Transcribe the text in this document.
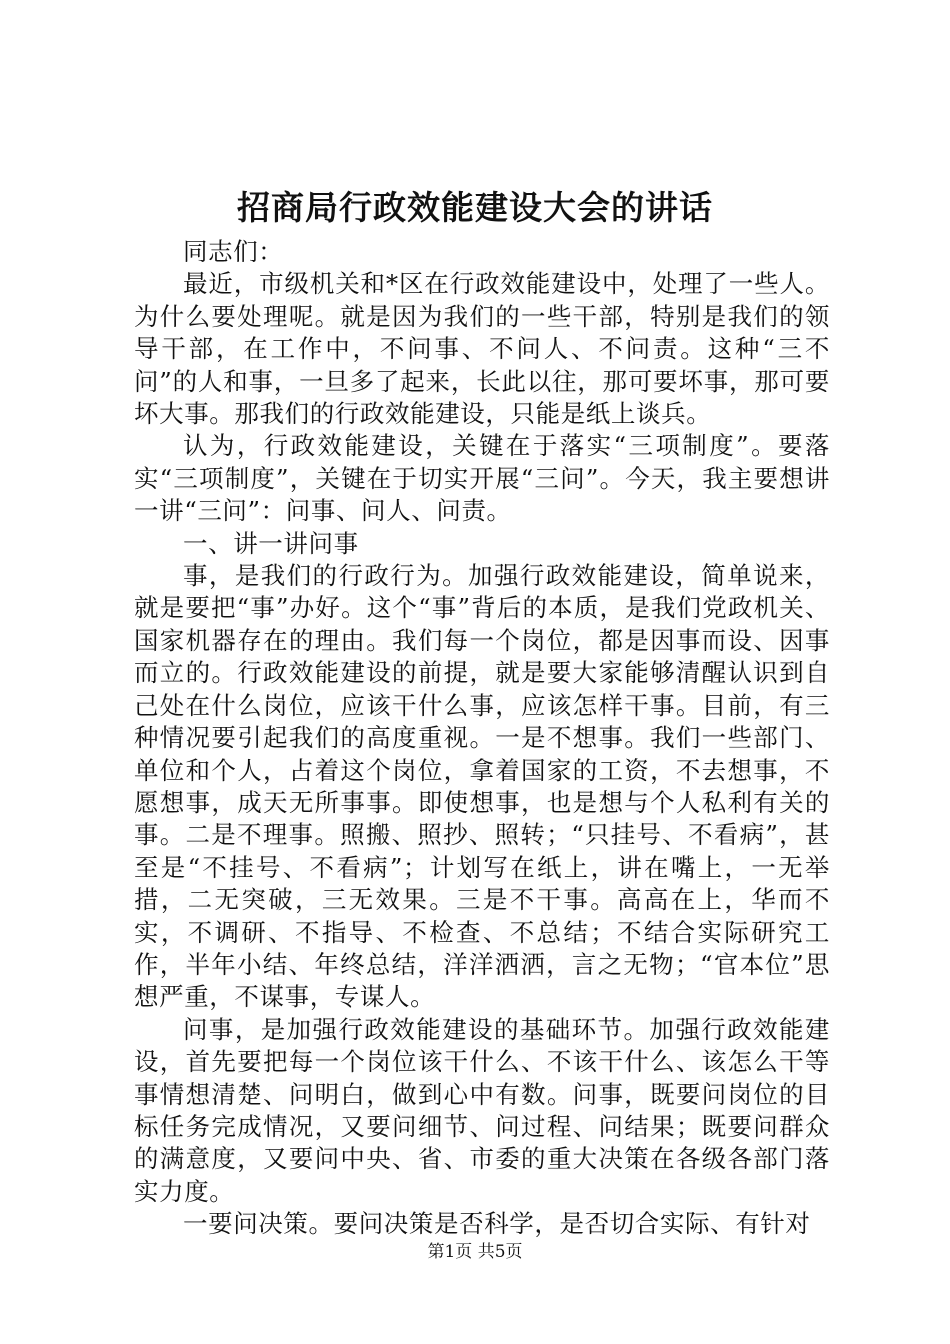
招商局行政效能建设大会的讲话

同志们：

最近，市级机关和*区在行政效能建设中，处理了一些人。为什么要处理呢。就是因为我们的一些干部，特别是我们的领导干部，在工作中，不问事、不问人、不问责。这种“三不问”的人和事，一旦多了起来，长此以往，那可要坏事，那可要坏大事。那我们的行政效能建设，只能是纸上谈兵。

认为，行政效能建设，关键在于落实“三项制度”。要落实“三项制度”，关键在于切实开展“三问”。今天，我主要想讲一讲“三问”：问事、问人、问责。

一、讲一讲问事

事，是我们的行政行为。加强行政效能建设，简单说来，就是要把“事”办好。这个“事”背后的本质，是我们党政机关、国家机器存在的理由。我们每一个岗位，都是因事而设、因事而立的。行政效能建设的前提，就是要大家能够清醒认识到自己处在什么岗位，应该干什么事，应该怎样干事。目前，有三种情况要引起我们的高度重视。一是不想事。我们一些部门、单位和个人，占着这个岗位，拿着国家的工资，不去想事，不愿想事，成天无所事事。即使想事，也是想与个人私利有关的事。二是不理事。照搬、照抄、照转；“只挂号、不看病”，甚至是“不挂号、不看病”；计划写在纸上，讲在嘴上，一无举措，二无突破，三无效果。三是不干事。高高在上，华而不实，不调研、不指导、不检查、不总结；不结合实际研究工作，半年小结、年终总结，洋洋洒洒，言之无物；“官本位”思想严重，不谋事，专谋人。

问事，是加强行政效能建设的基础环节。加强行政效能建设，首先要把每一个岗位该干什么、不该干什么、该怎么干等事情想清楚、问明白，做到心中有数。问事，既要问岗位的目标任务完成情况，又要问细节、问过程、问结果；既要问群众的满意度，又要问中央、省、市委的重大决策在各级各部门落实力度。

一要问决策。要问决策是否科学，是否切合实际、有针对

第1页 共5页
